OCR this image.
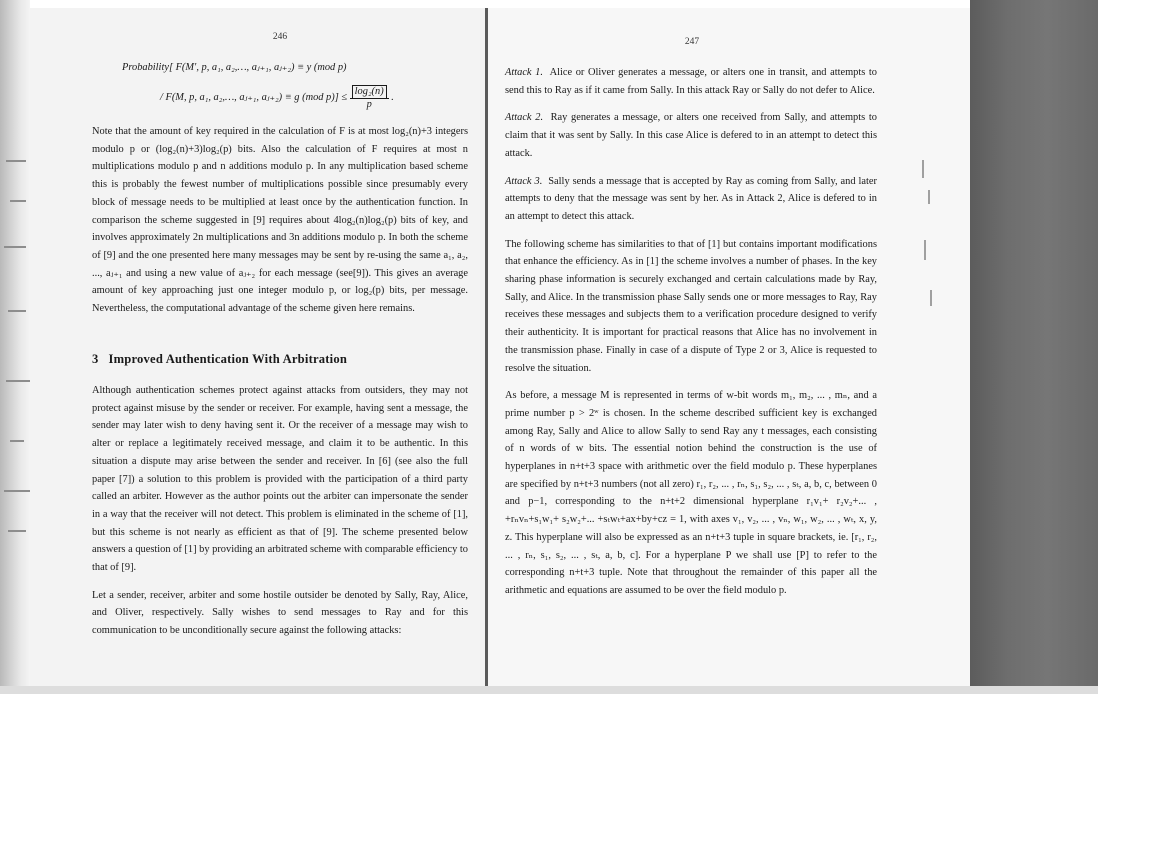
246
Probability[ F(M′, p, a₁, a₂,…, aⱼ₊₁, aⱼ₊₂) ≡ y (mod p)
/ F(M, p, a₁, a₂,…, aⱼ₊₁, aⱼ₊₂) ≡ g (mod $p)] \le \frac{\text{log₂(n)}}{p}$ .

Note that the amount of key required in the calculation of F is at most log₂(n)+3 integers modulo p or (log₂(n)+3)log₂(p) bits. Also the calculation of F requires at most n multiplications modulo p and n additions modulo p. In any multiplication based scheme this is probably the fewest number of multiplications possible since presumably every block of message needs to be multiplied at least once by the authentication function. In comparison the scheme suggested in [9] requires about 4log₂(n)log₂(p) bits of key, and involves approximately 2n multiplications and 3n additions modulo p. In both the scheme of [9] and the one presented here many messages may be sent by re-using the same a₁, a₂, ..., aⱼ₊₁ and using a new value of aⱼ₊₂ for each message (see[9]). This gives an average amount of key approaching just one integer modulo p, or log₂(p) bits, per message. Nevertheless, the computational advantage of the scheme given here remains.

3 Improved Authentication With Arbitration

Although authentication schemes protect against attacks from outsiders, they may not protect against misuse by the sender or receiver. For example, having sent a message, the sender may later wish to deny having sent it. Or the receiver of a message may wish to alter or replace a legitimately received message, and claim it to be authentic. In this situation a dispute may arise between the sender and receiver. In [6] (see also the full paper [7]) a solution to this problem is provided with the participation of a third party called an arbiter. However as the author points out the arbiter can impersonate the sender in a way that the receiver will not detect. This problem is eliminated in the scheme of [1], but this scheme is not nearly as efficient as that of [9]. The scheme presented below answers a question of [1] by providing an arbitrated scheme with comparable efficiency to that of [9].

Let a sender, receiver, arbiter and some hostile outsider be denoted by Sally, Ray, Alice, and Oliver, respectively. Sally wishes to send messages to Ray and for this communication to be unconditionally secure against the following attacks:

247

Attack 1. Alice or Oliver generates a message, or alters one in transit, and attempts to send this to Ray as if it came from Sally. In this attack Ray or Sally do not defer to Alice.

Attack 2. Ray generates a message, or alters one received from Sally, and attempts to claim that it was sent by Sally. In this case Alice is defered to in an attempt to detect this attack.

Attack 3. Sally sends a message that is accepted by Ray as coming from Sally, and later attempts to deny that the message was sent by her. As in Attack 2, Alice is defered to in an attempt to detect this attack.

The following scheme has similarities to that of [1] but contains important modifications that enhance the efficiency. As in [1] the scheme involves a number of phases. In the key sharing phase information is securely exchanged and certain calculations made by Ray, Sally, and Alice. In the transmission phase Sally sends one or more messages to Ray, Ray receives these messages and subjects them to a verification procedure designed to verify their authenticity. It is important for practical reasons that Alice has no involvement in the transmission phase. Finally in case of a dispute of Type 2 or 3, Alice is requested to resolve the situation.

As before, a message M is represented in terms of w-bit words m₁, m₂, ... , mₙ, and a prime number p > 2ʷ is chosen. In the scheme described sufficient key is exchanged among Ray, Sally and Alice to allow Sally to send Ray any t messages, each consisting of n words of w bits. The essential notion behind the construction is the use of hyperplanes in n+t+3 space with arithmetic over the field modulo p. These hyperplanes are specified by n+t+3 numbers (not all zero) r₁, r₂, ... , rₙ, s₁, s₂, ... , sₜ, a, b, c, between 0 and p−1, corresponding to the n+t+2 dimensional hyperplane r₁v₁+ r₂v₂+... , +rₙvₙ+s₁w₁+ s₂w₂+... +sₜwₜ+ax+by+cz = 1, with axes v₁, v₂, ... , vₙ, w₁, w₂, ... , wₜ, x, y, z. This hyperplane will also be expressed as an n+t+3 tuple in square brackets, ie. [r₁, r₂, ... , rₙ, s₁, s₂, ... , sₜ, a, b, c]. For a hyperplane P we shall use [P] to refer to the corresponding n+t+3 tuple. Note that throughout the remainder of this paper all the arithmetic and equations are assumed to be over the field modulo p.
